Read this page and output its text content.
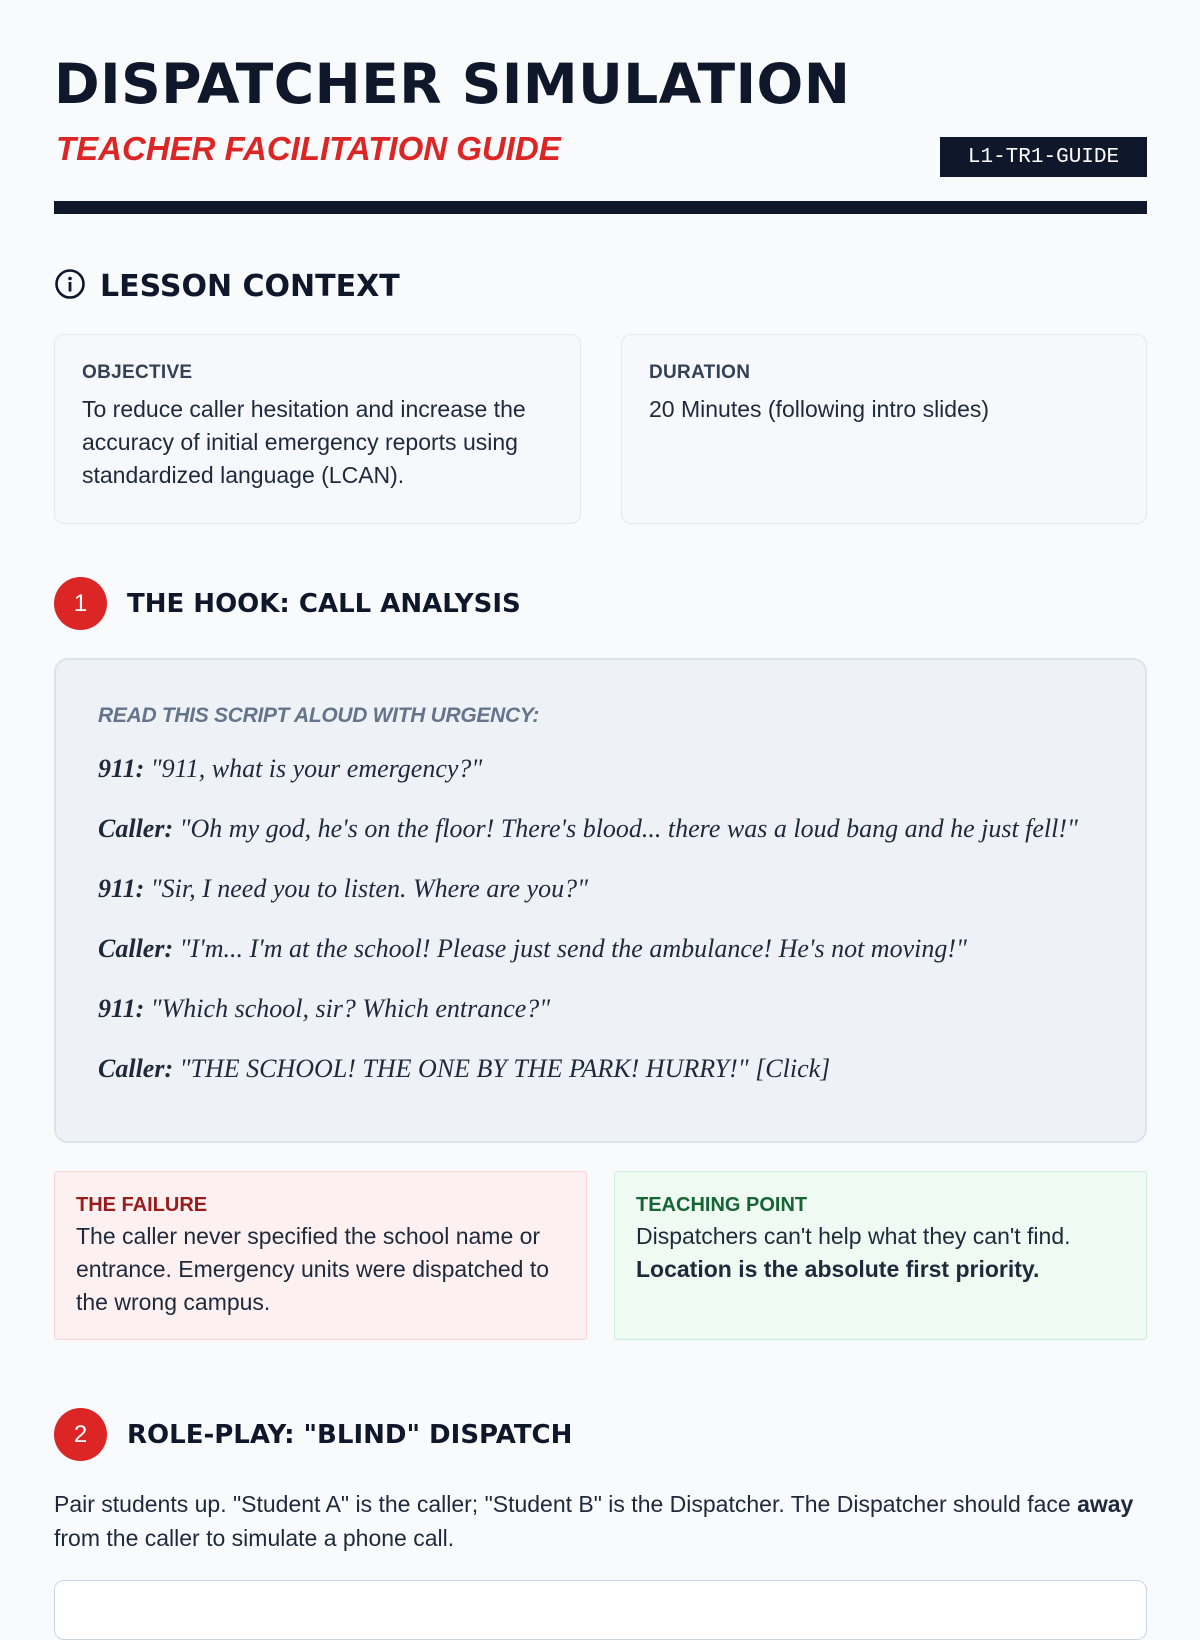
DISPATCHER SIMULATION
TEACHER FACILITATION GUIDE	L1-TR1-GUIDE
LESSON CONTEXT
OBJECTIVE
To reduce caller hesitation and increase the accuracy of initial emergency reports using standardized language (LCAN).
DURATION
20 Minutes (following intro slides)
1	THE HOOK: CALL ANALYSIS
READ THIS SCRIPT ALOUD WITH URGENCY:
911: "911, what is your emergency?"
Caller: "Oh my god, he's on the floor! There's blood... there was a loud bang and he just fell!"
911: "Sir, I need you to listen. Where are you?"
Caller: "I'm... I'm at the school! Please just send the ambulance! He's not moving!"
911: "Which school, sir? Which entrance?"
Caller: "THE SCHOOL! THE ONE BY THE PARK! HURRY!" [Click]
THE FAILURE
The caller never specified the school name or entrance. Emergency units were dispatched to the wrong campus.
TEACHING POINT
Dispatchers can't help what they can't find.
Location is the absolute first priority.
2	ROLE-PLAY: "BLIND" DISPATCH
Pair students up. "Student A" is the caller; "Student B" is the Dispatcher. The Dispatcher should face away from the caller to simulate a phone call.
